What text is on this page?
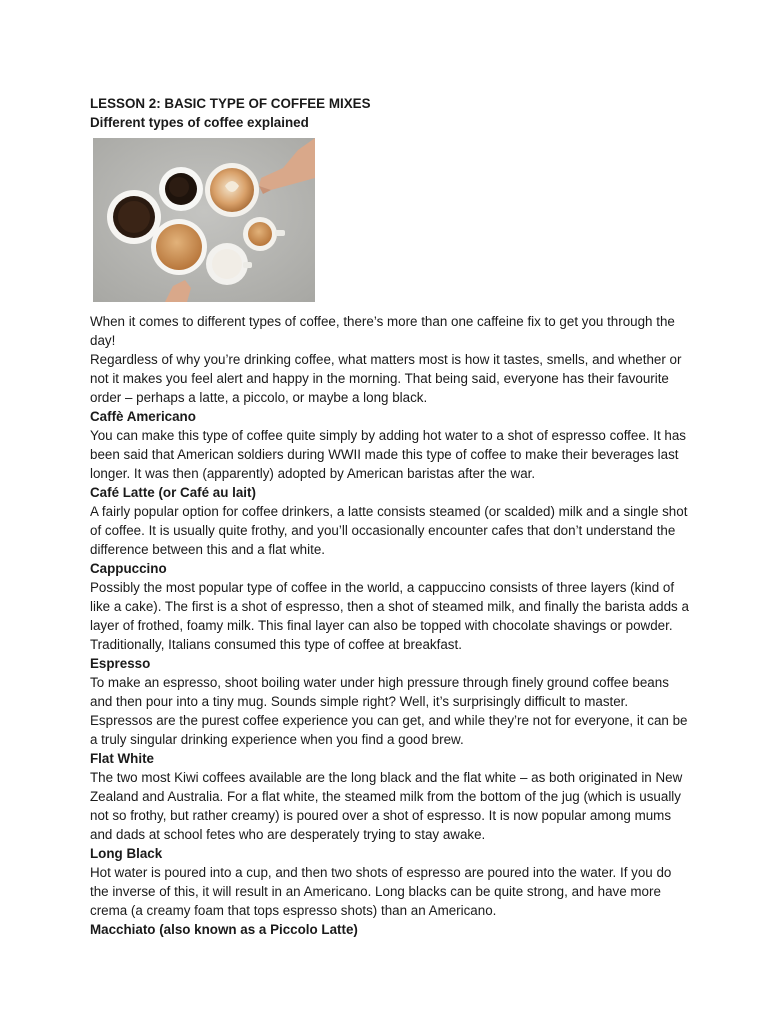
LESSON 2: BASIC TYPE OF COFFEE MIXES

Different types of coffee explained

When it comes to different types of coffee, there’s more than one caffeine fix to get you through the day!

Regardless of why you’re drinking coffee, what matters most is how it tastes, smells, and whether or not it makes you feel alert and happy in the morning. That being said, everyone has their favourite order – perhaps a latte, a piccolo, or maybe a long black.

Caffè Americano

You can make this type of coffee quite simply by adding hot water to a shot of espresso coffee. It has been said that American soldiers during WWII made this type of coffee to make their beverages last longer. It was then (apparently) adopted by American baristas after the war.

Café Latte (or Café au lait)

A fairly popular option for coffee drinkers, a latte consists steamed (or scalded) milk and a single shot of coffee. It is usually quite frothy, and you’ll occasionally encounter cafes that don’t understand the difference between this and a flat white.

Cappuccino

Possibly the most popular type of coffee in the world, a cappuccino consists of three layers (kind of like a cake). The first is a shot of espresso, then a shot of steamed milk, and finally the barista adds a layer of frothed, foamy milk. This final layer can also be topped with chocolate shavings or powder. Traditionally, Italians consumed this type of coffee at breakfast.

Espresso

To make an espresso, shoot boiling water under high pressure through finely ground coffee beans and then pour into a tiny mug. Sounds simple right? Well, it’s surprisingly difficult to master. Espressos are the purest coffee experience you can get, and while they’re not for everyone, it can be a truly singular drinking experience when you find a good brew.

Flat White

The two most Kiwi coffees available are the long black and the flat white – as both originated in New Zealand and Australia. For a flat white, the steamed milk from the bottom of the jug (which is usually not so frothy, but rather creamy) is poured over a shot of espresso. It is now popular among mums and dads at school fetes who are desperately trying to stay awake.

Long Black

Hot water is poured into a cup, and then two shots of espresso are poured into the water. If you do the inverse of this, it will result in an Americano. Long blacks can be quite strong, and have more crema (a creamy foam that tops espresso shots) than an Americano.

Macchiato (also known as a Piccolo Latte)
